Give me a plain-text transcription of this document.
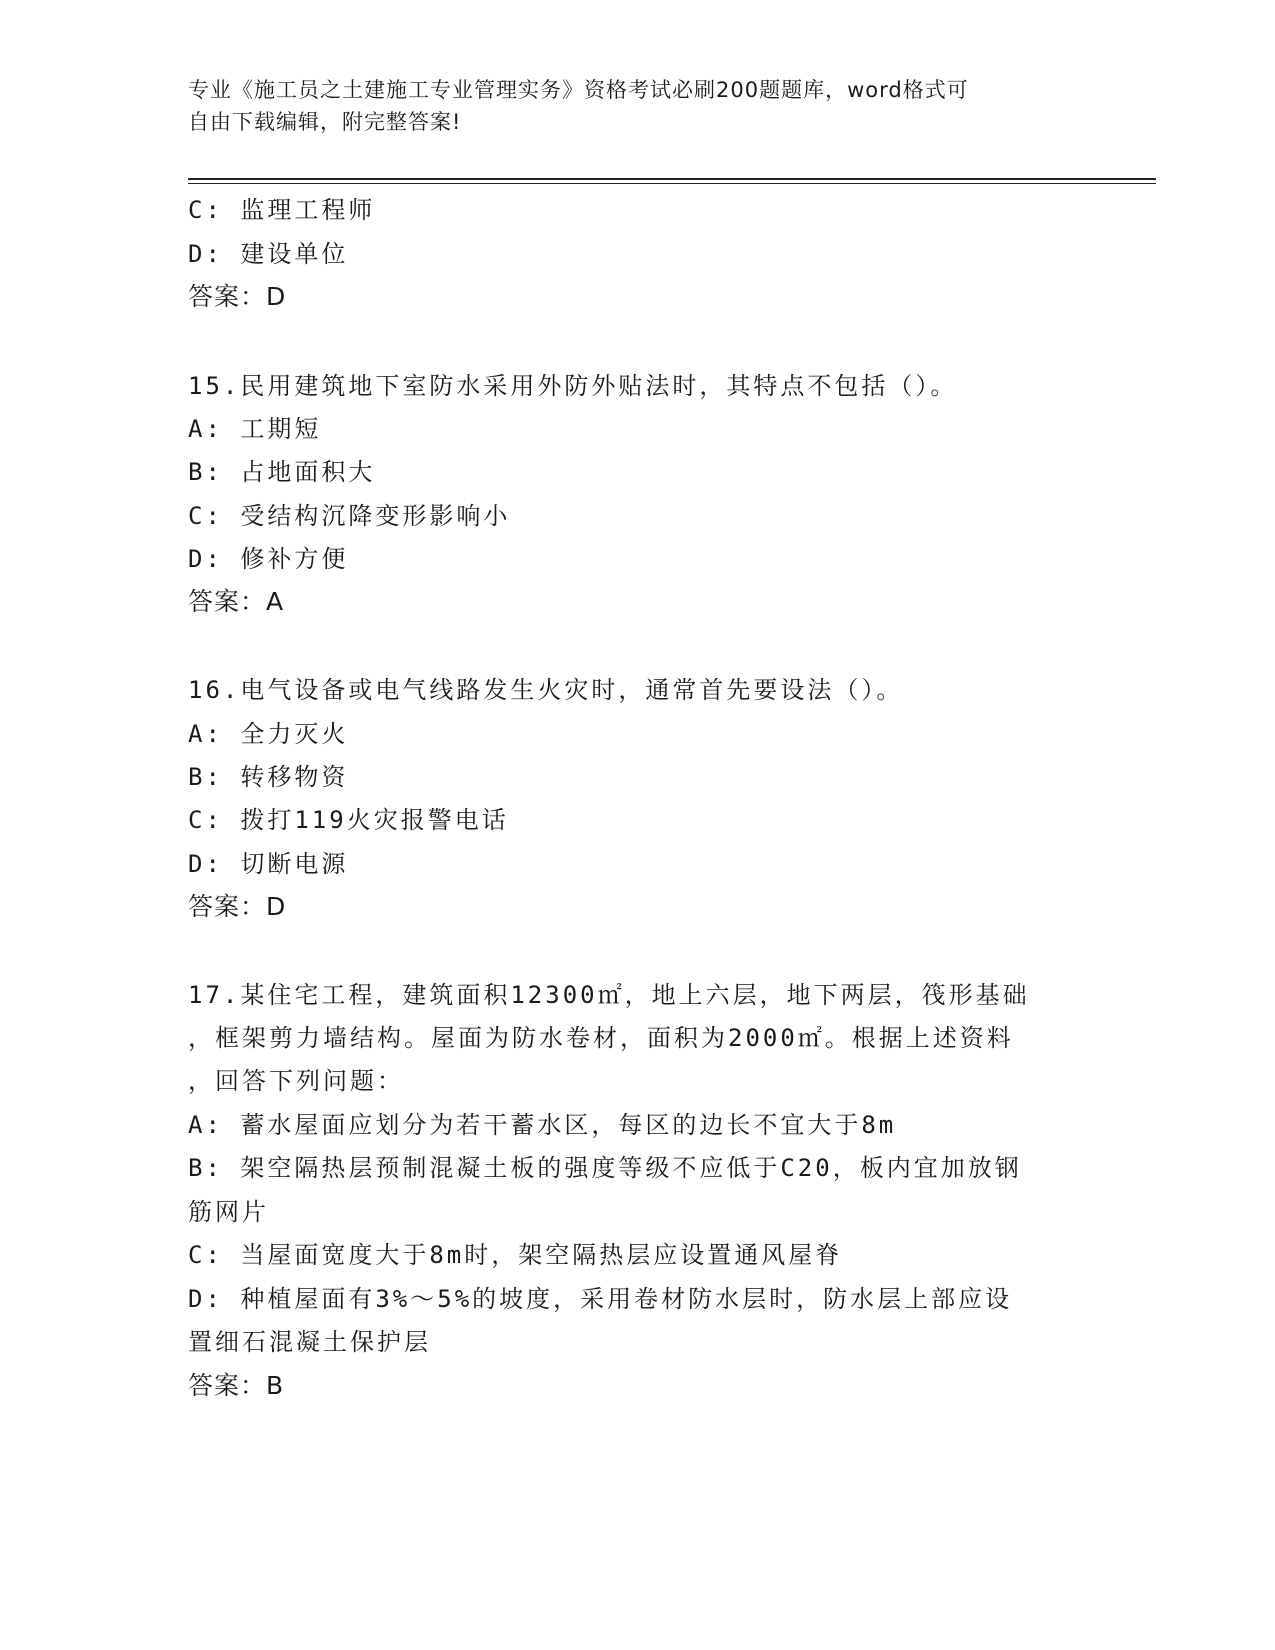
专业《施工员之土建施工专业管理实务》资格考试必刷200题题库，word格式可
自由下载编辑，附完整答案!
C: 监理工程师
D: 建设单位
答案：D
15.民用建筑地下室防水采用外防外贴法时，其特点不包括（）。
A: 工期短
B: 占地面积大
C: 受结构沉降变形影响小
D: 修补方便
答案：A
16.电气设备或电气线路发生火灾时，通常首先要设法（）。
A: 全力灭火
B: 转移物资
C: 拨打119火灾报警电话
D: 切断电源
答案：D
17.某住宅工程，建筑面积12300㎡，地上六层，地下两层，筏形基础
，框架剪力墙结构。屋面为防水卷材，面积为2000㎡。根据上述资料
，回答下列问题：
A: 蓄水屋面应划分为若干蓄水区，每区的边长不宜大于8m
B: 架空隔热层预制混凝土板的强度等级不应低于C20，板内宜加放钢
筋网片
C: 当屋面宽度大于8m时，架空隔热层应设置通风屋脊
D: 种植屋面有3%～5%的坡度，采用卷材防水层时，防水层上部应设
置细石混凝土保护层
答案：B
